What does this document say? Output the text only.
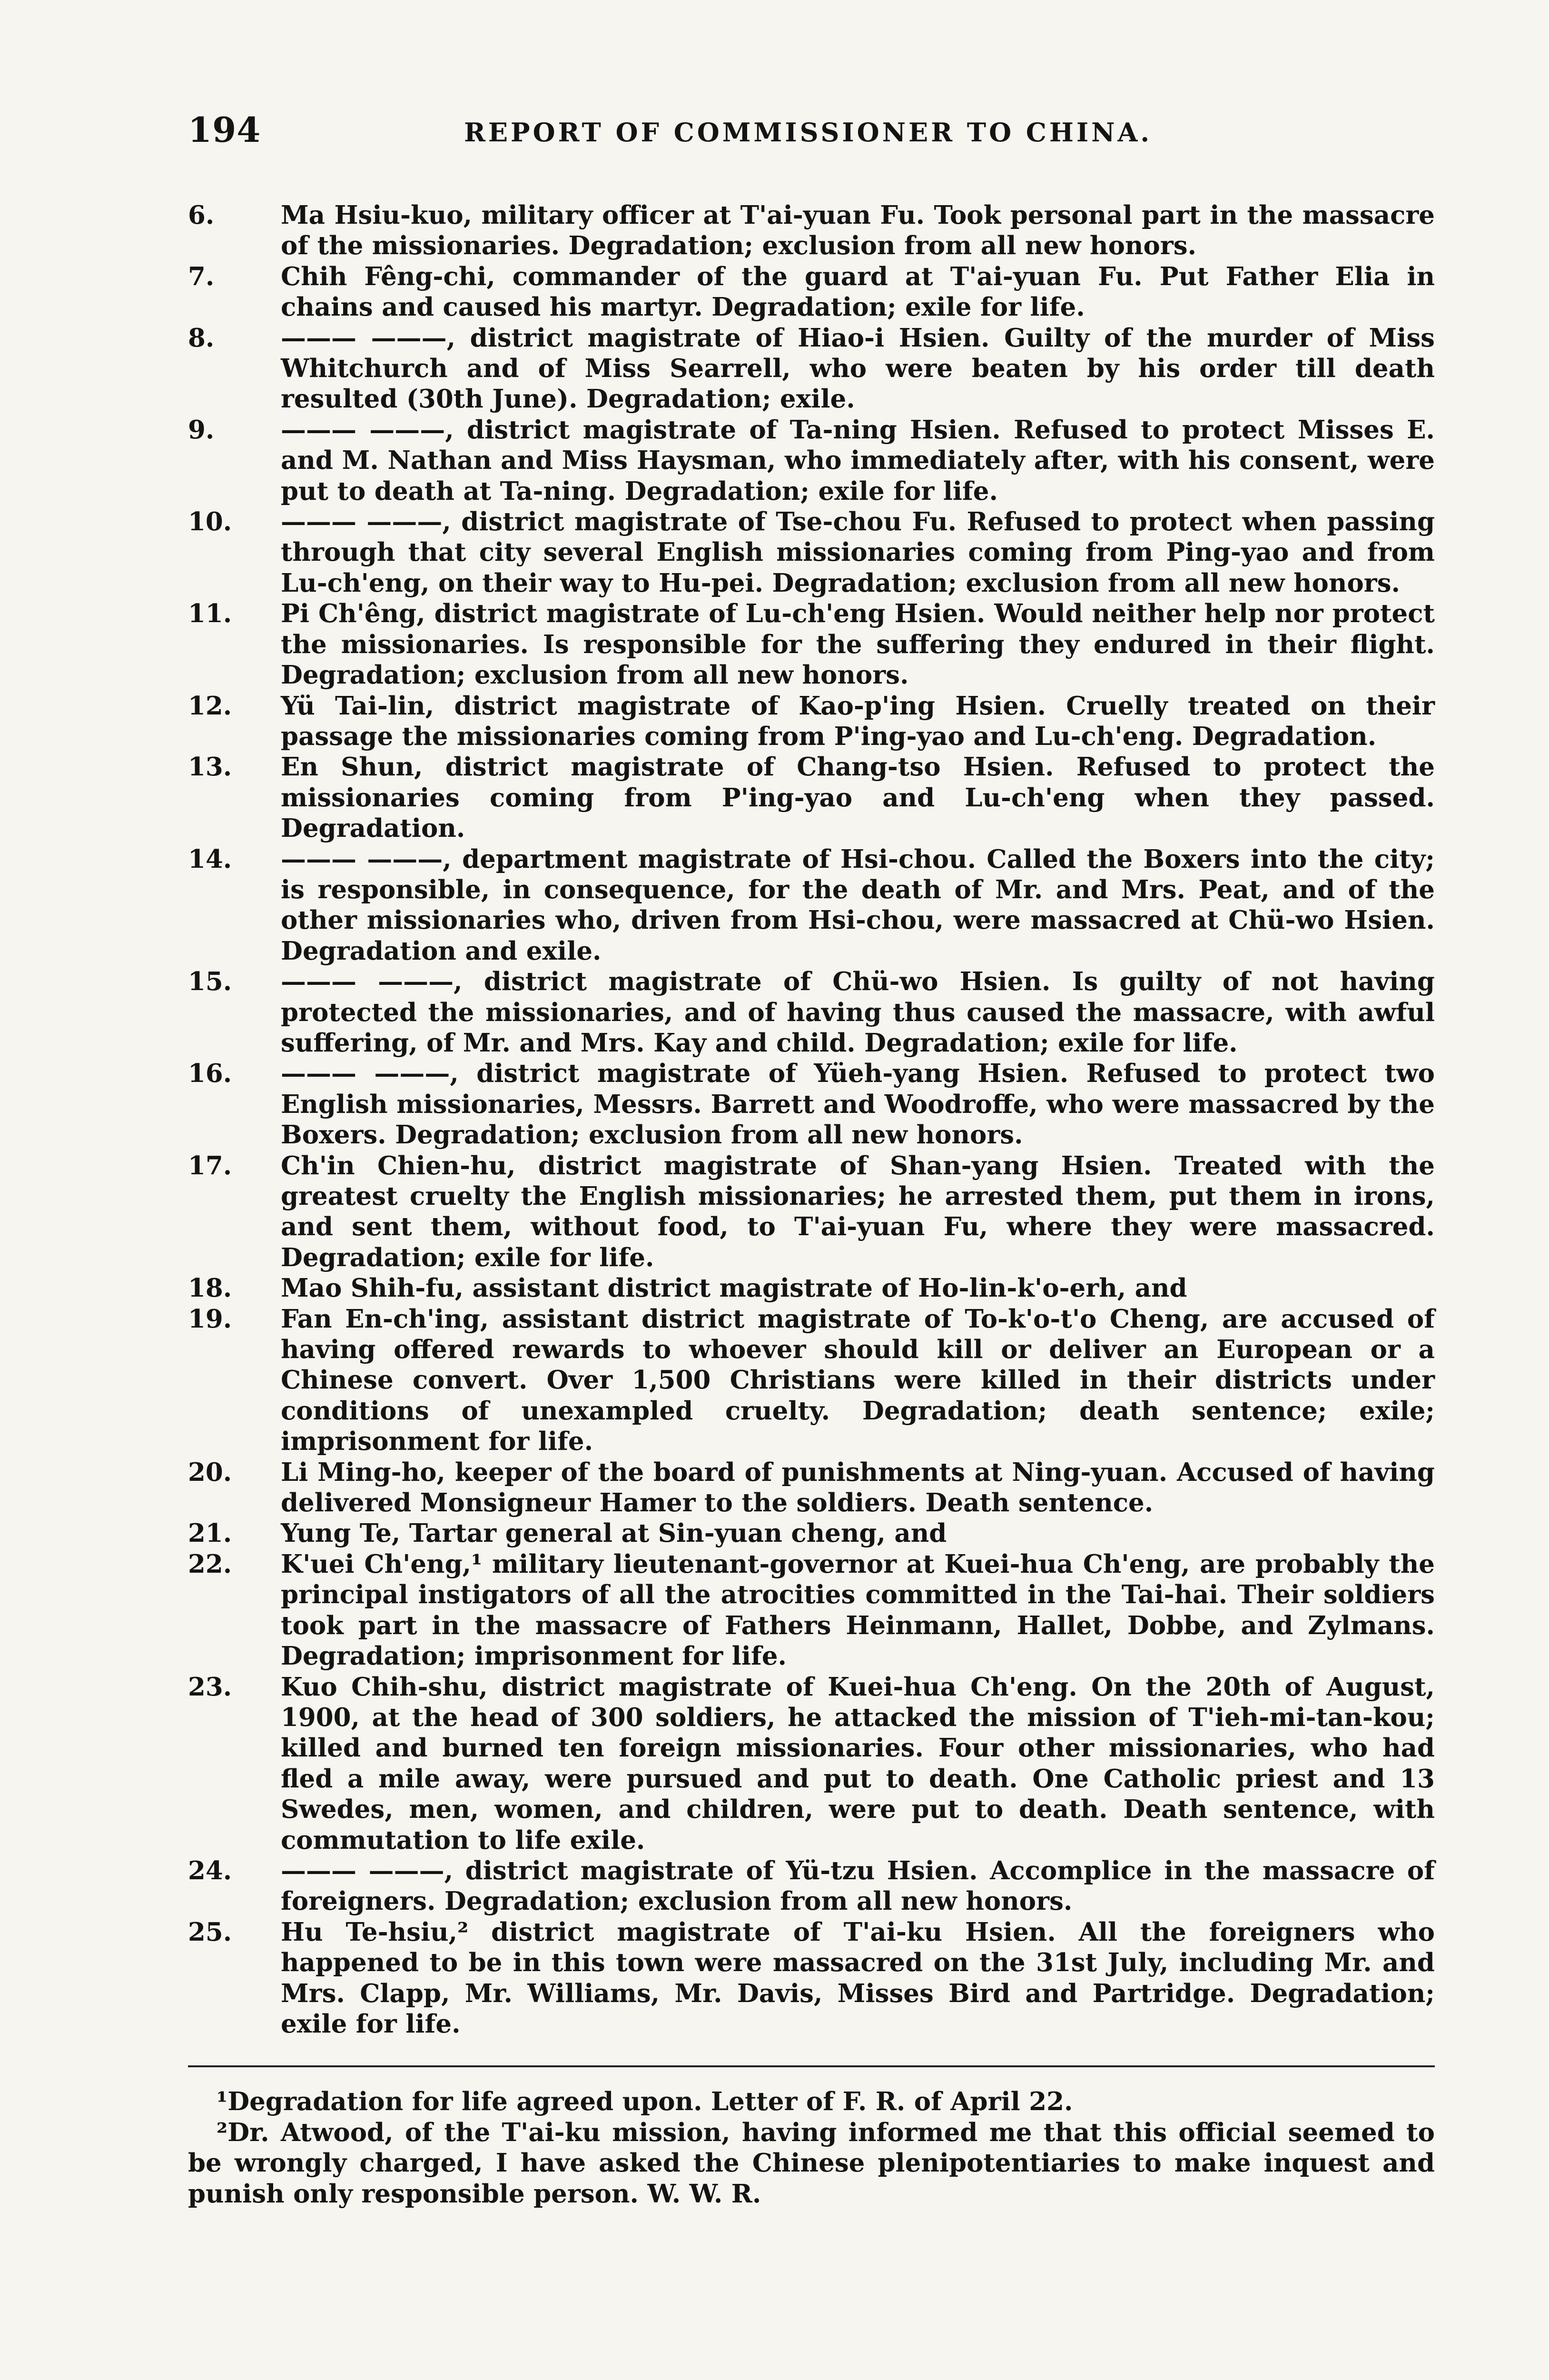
194	REPORT OF COMMISSIONER TO CHINA.
6.	Ma Hsiu-kuo, military officer at T'ai-yuan Fu. Took personal part in the massacre of the missionaries. Degradation; exclusion from all new honors.
7.	Chih Fêng-chi, commander of the guard at T'ai-yuan Fu. Put Father Elia in chains and caused his martyr. Degradation; exile for life.
8.	——— ———, district magistrate of Hiao-i Hsien. Guilty of the murder of Miss Whitchurch and of Miss Searrell, who were beaten by his order till death resulted (30th June). Degradation; exile.
9.	——— ———, district magistrate of Ta-ning Hsien. Refused to protect Misses E. and M. Nathan and Miss Haysman, who immediately after, with his consent, were put to death at Ta-ning. Degradation; exile for life.
10.	——— ———, district magistrate of Tse-chou Fu. Refused to protect when passing through that city several English missionaries coming from Ping-yao and from Lu-ch'eng, on their way to Hu-pei. Degradation; exclusion from all new honors.
11.	Pi Ch'êng, district magistrate of Lu-ch'eng Hsien. Would neither help nor protect the missionaries. Is responsible for the suffering they endured in their flight. Degradation; exclusion from all new honors.
12.	Yü Tai-lin, district magistrate of Kao-p'ing Hsien. Cruelly treated on their passage the missionaries coming from P'ing-yao and Lu-ch'eng. Degradation.
13.	En Shun, district magistrate of Chang-tso Hsien. Refused to protect the missionaries coming from P'ing-yao and Lu-ch'eng when they passed. Degradation.
14.	——— ———, department magistrate of Hsi-chou. Called the Boxers into the city; is responsible, in consequence, for the death of Mr. and Mrs. Peat, and of the other missionaries who, driven from Hsi-chou, were massacred at Chü-wo Hsien. Degradation and exile.
15.	——— ———, district magistrate of Chü-wo Hsien. Is guilty of not having protected the missionaries, and of having thus caused the massacre, with awful suffering, of Mr. and Mrs. Kay and child. Degradation; exile for life.
16.	——— ———, district magistrate of Yüeh-yang Hsien. Refused to protect two English missionaries, Messrs. Barrett and Woodroffe, who were massacred by the Boxers. Degradation; exclusion from all new honors.
17.	Ch'in Chien-hu, district magistrate of Shan-yang Hsien. Treated with the greatest cruelty the English missionaries; he arrested them, put them in irons, and sent them, without food, to T'ai-yuan Fu, where they were massacred. Degradation; exile for life.
18.	Mao Shih-fu, assistant district magistrate of Ho-lin-k'o-erh, and
19.	Fan En-ch'ing, assistant district magistrate of To-k'o-t'o Cheng, are accused of having offered rewards to whoever should kill or deliver an European or a Chinese convert. Over 1,500 Christians were killed in their districts under conditions of unexampled cruelty. Degradation; death sentence; exile; imprisonment for life.
20.	Li Ming-ho, keeper of the board of punishments at Ning-yuan. Accused of having delivered Monsigneur Hamer to the soldiers. Death sentence.
21.	Yung Te, Tartar general at Sin-yuan cheng, and
22.	K'uei Ch'eng,¹ military lieutenant-governor at Kuei-hua Ch'eng, are probably the principal instigators of all the atrocities committed in the Tai-hai. Their soldiers took part in the massacre of Fathers Heinmann, Hallet, Dobbe, and Zylmans. Degradation; imprisonment for life.
23.	Kuo Chih-shu, district magistrate of Kuei-hua Ch'eng. On the 20th of August, 1900, at the head of 300 soldiers, he attacked the mission of T'ieh-mi-tan-kou; killed and burned ten foreign missionaries. Four other missionaries, who had fled a mile away, were pursued and put to death. One Catholic priest and 13 Swedes, men, women, and children, were put to death. Death sentence, with commutation to life exile.
24.	——— ———, district magistrate of Yü-tzu Hsien. Accomplice in the massacre of foreigners. Degradation; exclusion from all new honors.
25.	Hu Te-hsiu,² district magistrate of T'ai-ku Hsien. All the foreigners who happened to be in this town were massacred on the 31st July, including Mr. and Mrs. Clapp, Mr. Williams, Mr. Davis, Misses Bird and Partridge. Degradation; exile for life.
¹Degradation for life agreed upon. Letter of F. R. of April 22.
²Dr. Atwood, of the T'ai-ku mission, having informed me that this official seemed to be wrongly charged, I have asked the Chinese plenipotentiaries to make inquest and punish only responsible person. W. W. R.
